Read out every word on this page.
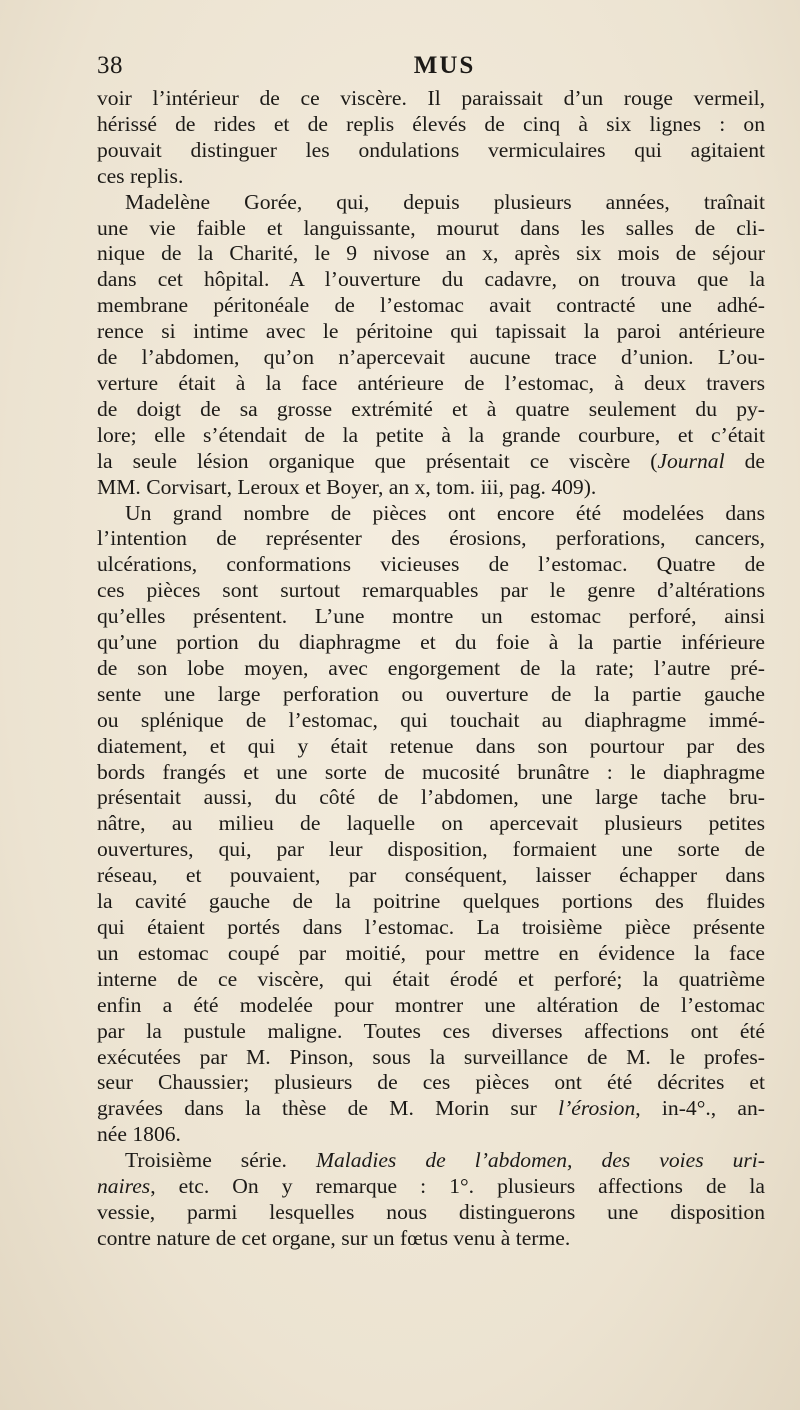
38	MUS

voir l’intérieur de ce viscère. Il paraissait d’un rouge vermeil,
hérissé de rides et de replis élevés de cinq à six lignes : on
pouvait distinguer les ondulations vermiculaires qui agitaient
ces replis.

Madelène Gorée, qui, depuis plusieurs années, traînait
une vie faible et languissante, mourut dans les salles de cli-
nique de la Charité, le 9 nivose an x, après six mois de séjour
dans cet hôpital. A l’ouverture du cadavre, on trouva que la
membrane péritonéale de l’estomac avait contracté une adhé-
rence si intime avec le péritoine qui tapissait la paroi antérieure
de l’abdomen, qu’on n’apercevait aucune trace d’union. L’ou-
verture était à la face antérieure de l’estomac, à deux travers
de doigt de sa grosse extrémité et à quatre seulement du py-
lore; elle s’étendait de la petite à la grande courbure, et c’était
la seule lésion organique que présentait ce viscère (Journal de
MM. Corvisart, Leroux et Boyer, an x, tom. iii, pag. 409).

Un grand nombre de pièces ont encore été modelées dans
l’intention de représenter des érosions, perforations, cancers,
ulcérations, conformations vicieuses de l’estomac. Quatre de
ces pièces sont surtout remarquables par le genre d’altérations
qu’elles présentent. L’une montre un estomac perforé, ainsi
qu’une portion du diaphragme et du foie à la partie inférieure
de son lobe moyen, avec engorgement de la rate; l’autre pré-
sente une large perforation ou ouverture de la partie gauche
ou splénique de l’estomac, qui touchait au diaphragme immé-
diatement, et qui y était retenue dans son pourtour par des
bords frangés et une sorte de mucosité brunâtre : le diaphragme
présentait aussi, du côté de l’abdomen, une large tache bru-
nâtre, au milieu de laquelle on apercevait plusieurs petites
ouvertures, qui, par leur disposition, formaient une sorte de
réseau, et pouvaient, par conséquent, laisser échapper dans
la cavité gauche de la poitrine quelques portions des fluides
qui étaient portés dans l’estomac. La troisième pièce présente
un estomac coupé par moitié, pour mettre en évidence la face
interne de ce viscère, qui était érodé et perforé; la quatrième
enfin a été modelée pour montrer une altération de l’estomac
par la pustule maligne. Toutes ces diverses affections ont été
exécutées par M. Pinson, sous la surveillance de M. le profes-
seur Chaussier; plusieurs de ces pièces ont été décrites et
gravées dans la thèse de M. Morin sur l’érosion, in-4°., an-
née 1806.

Troisième série. Maladies de l’abdomen, des voies uri-
naires, etc. On y remarque : 1°. plusieurs affections de la
vessie, parmi lesquelles nous distinguerons une disposition
contre nature de cet organe, sur un fœtus venu à terme.
